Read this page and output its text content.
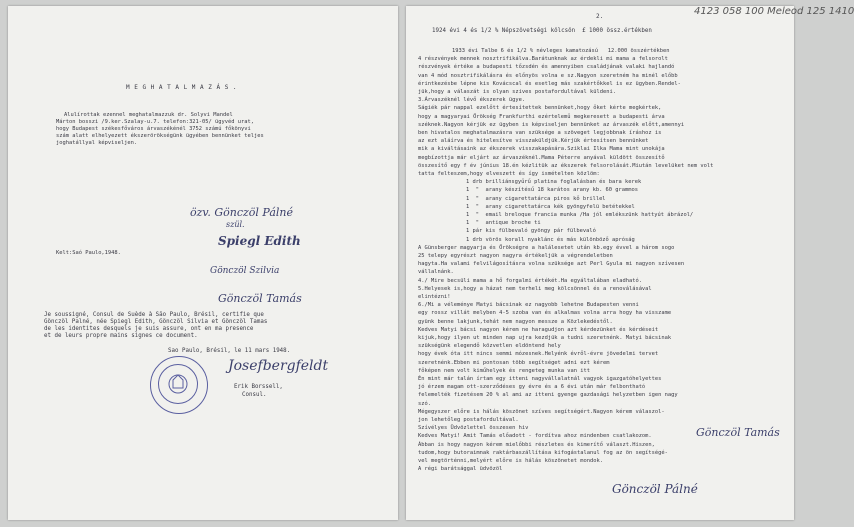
M E G H A T A L M A Z Á S .
Alulírottak ezennel meghatalmazzuk dr. Solyvi Mandel
Márton bosszi /9.ker.Szalay-u.7. telefon:321-05/ ügyvéd urat,
hogy Budapest székesfőváros árvaszékénél 3752 számú főkönyvi
szám alatt elhelyezett ékszerörökségünk ügyében bennünket teljes
joghatállyal képviseljen.
Kelt:Saó Paulo,1948.
özv. Gönczöl Pálné
szül.
Spiegl Edith
Gönczöl Szilvia
Gönczöl Tamás
Je soussigné, Consul de Suède à São Paulo, Brésil, certifie que
Gönczöl Palné, née Spiegl Edith, Gönczöl Silvia et Gönczöl Tamas
de les identites desquels je suis assure, ont en ma presence
et de leurs propre mains signes ce document.
Sao Paulo, Brésil, le 11 mars 1948.
Josefbergfeldt
Erik Borssell,
Consul.
2.	4123 058 100 Meleod 125 1410
1924 évi 4 és 1/2 % Népszövetségi kölcsön  £ 1000 össz.értékben
1933 évi Talbe 6 és 1/2 % névleges kamatozású   12.000 összértékben
4 részvények mennek nosztrifikálva.Barátunknak az érdekli mi mama a felsorolt
részvények értéke a budapesti tőzsdén és amennyiben családjának valaki hajlandó
van 4 mód nosztrifikálásra és előnyös volna e sz.Nagyon szeretném ha minél előbb
érintkezésbe lépne kis Kovácscal és esetleg más szakértőkkel is ez ügyben.Rendel-
jük,hogy a válaszát is olyan szives postafordultával küldeni.
3.Árvaszéknél lévő ékszerek ügye.
Ságiék pár nappal ezelőtt értesítettek bennünket,hogy őket kérte megkértek,
hogy a magyaryai Örökség Frankfurthi ezértelemű megkeresett a budapesti árva
széknek.Nagyon kérjük ez ügyben is képviseljen bennünket az árvaszék előtt,amennyi
ben hivatalos meghatalmazásra van szüksége a szöveget legjobbnak íráshoz is
az ezt aláírva és hitelesítve visszaküldjük.Kérjük értesítsen bennünket
mik a kiváltásaink az ékszerek visszakapására.Sziklai Ilka Mama mint unokája
megbízottja már eljárt az árvaszéknél.Mama Péterre anyával küldött összesítő
összesítő egy f év június 18.én kézlitük az ékszerek felsorolását.Miután levelüket nem volt
tatta felteszem,hogy elveszett és így ismételten közlöm:
1 drb brilliánsgyűrű platina foglalásban és bara kerek
1  "  arany készítésű 18 karátos arany kb. 60 grammos
1  "  arany cigarettatárca piros kő brillel
1  "  arany cigarettatárca kék gyöngyfelü betétekkel
1  "  email breloque francia munka /Ha jól emlékszünk hattyút ábrázol/
1  "  antique broche ti
1 pár kis fülbevaló gyöngy pár fülbevaló
1 drb vörös korall nyaklánc és más különböző apróság
A Günsberger magyarja és Örökségre a halálesetet után kb.egy évvel a három sogo
25 telepy egyrészt nagyon nagyra értékeljük a végrendeletben
hagyta.Ha valami felvilágosításra volna szüksége azt Perl Gyula mi nagyon szívesen
vállalnánk.
4./ Mire becsüli mama a hő forgalmi értékét.Ha egyáltalában eladható.
5.Helyesek is,hogy a házat nem terheli meg kölcsönnel és a renoválásával
elintézni!
6./Mi a véleménye Matyi bácsinak ez nagyobb lehetne Budapesten venni
egy rossz villát melyben 4-5 szoba van és alkalmas volna arra hogy ha visszame
gyünk benne lakjunk,tehát nem nagyon messze a Közlekedéstől.
Kedves Matyi bácsi nagyon kérem ne haragudjon azt kérdezünket és kérdéseit
kijuk,hogy ilyen ut minden nap ujra kezdjük a tudni szeretnénk. Matyi bácsinak
szükségünk elegendő közvetlen eldöntend hely
hogy évek óta itt nincs semmi mózesnek.Helyénk évről-évre jövedelmi tervet
szeretnénk.Ebben mi pontosan több segítséget adni ezt kérem
főképen nem volt kiműhelyek és rengeteg munka van itt
Én mint már talán írtam egy itteni nagyvállalatnál vagyok igazgatóhelyettes
jó érzem magam ott-szerződéses gy évre és a 6 évi után már felbontható
felemelték fizetésem 20 % al ami az itteni gyenge gazdasági helyzetben igen nagy
szó.
Mégegyszer előre is hálás köszönet szíves segítségért.Nagyon kérem válaszol-
jon lehetőleg postafordultával.
Szívélyes Üdvözlettel összesen hiv
Kedves Matyi! Amit Tamás előadott - fordítva ahoz mindenben csatlakozom.
Ábban is hogy nagyon kérem mielőbbi részletes és kimerítő választ.Hiszen,
tudom,hogy butoraimnak raktárbaszállítása kifogástalanul fog az ön segítségé-
vel megtörténni,melyért előre is hálás köszönetet mondok.
A régi barátsággal üdvözöl
Gönczöl Tamás
Gönczöl Pálné
